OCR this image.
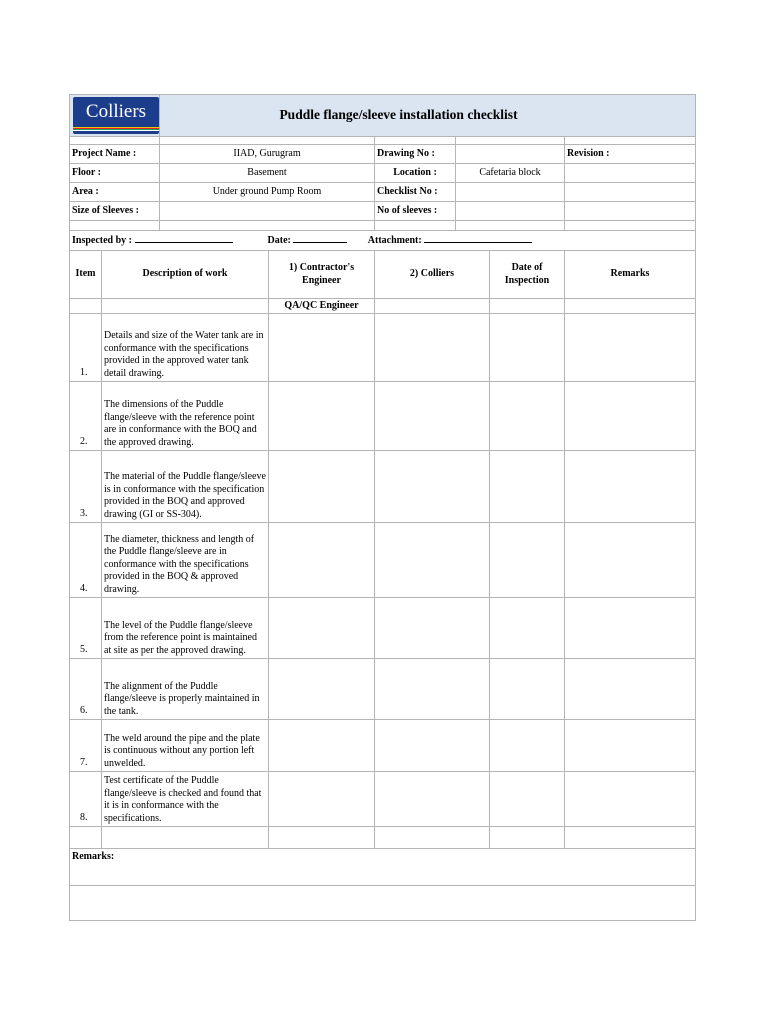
Colliers		Puddle flange/sleeve installation checklist					

Project Name :		IIAD, Gurugram		Drawing No :			Revision :
Floor :		Basement		Location :	Cafetaria block		
Area :		Under ground Pump Room		Checklist No :			
Size of Sleeves :				No of sleeves :			

Inspected by : Date: Attachment:							
Item	Description of work		1) Contractor's Engineer	2) Colliers		Date of Inspection	Remarks
			QA/QC Engineer				
1.	Details and size of the Water tank are in conformance with the specifications provided in the approved water tank detail drawing.						
2.	The dimensions of the Puddle flange/sleeve with the reference point are in conformance with the BOQ and the approved drawing.						
3.	The material of the Puddle flange/sleeve is in conformance with the specification provided in the BOQ and approved drawing (GI or SS-304).						
4.	The diameter, thickness and length of the Puddle flange/sleeve are in conformance with the specifications provided in the BOQ & approved drawing.						
5.	The level of the Puddle flange/sleeve from the reference point is maintained at site as per the approved drawing.						
6.	The alignment of the Puddle flange/sleeve is properly maintained in the tank.						
7.	The weld around the pipe and the plate is continuous without any portion left unwelded.						
8.	Test certificate of the Puddle flange/sleeve is checked and found that it is in conformance with the specifications.						

Remarks:							
